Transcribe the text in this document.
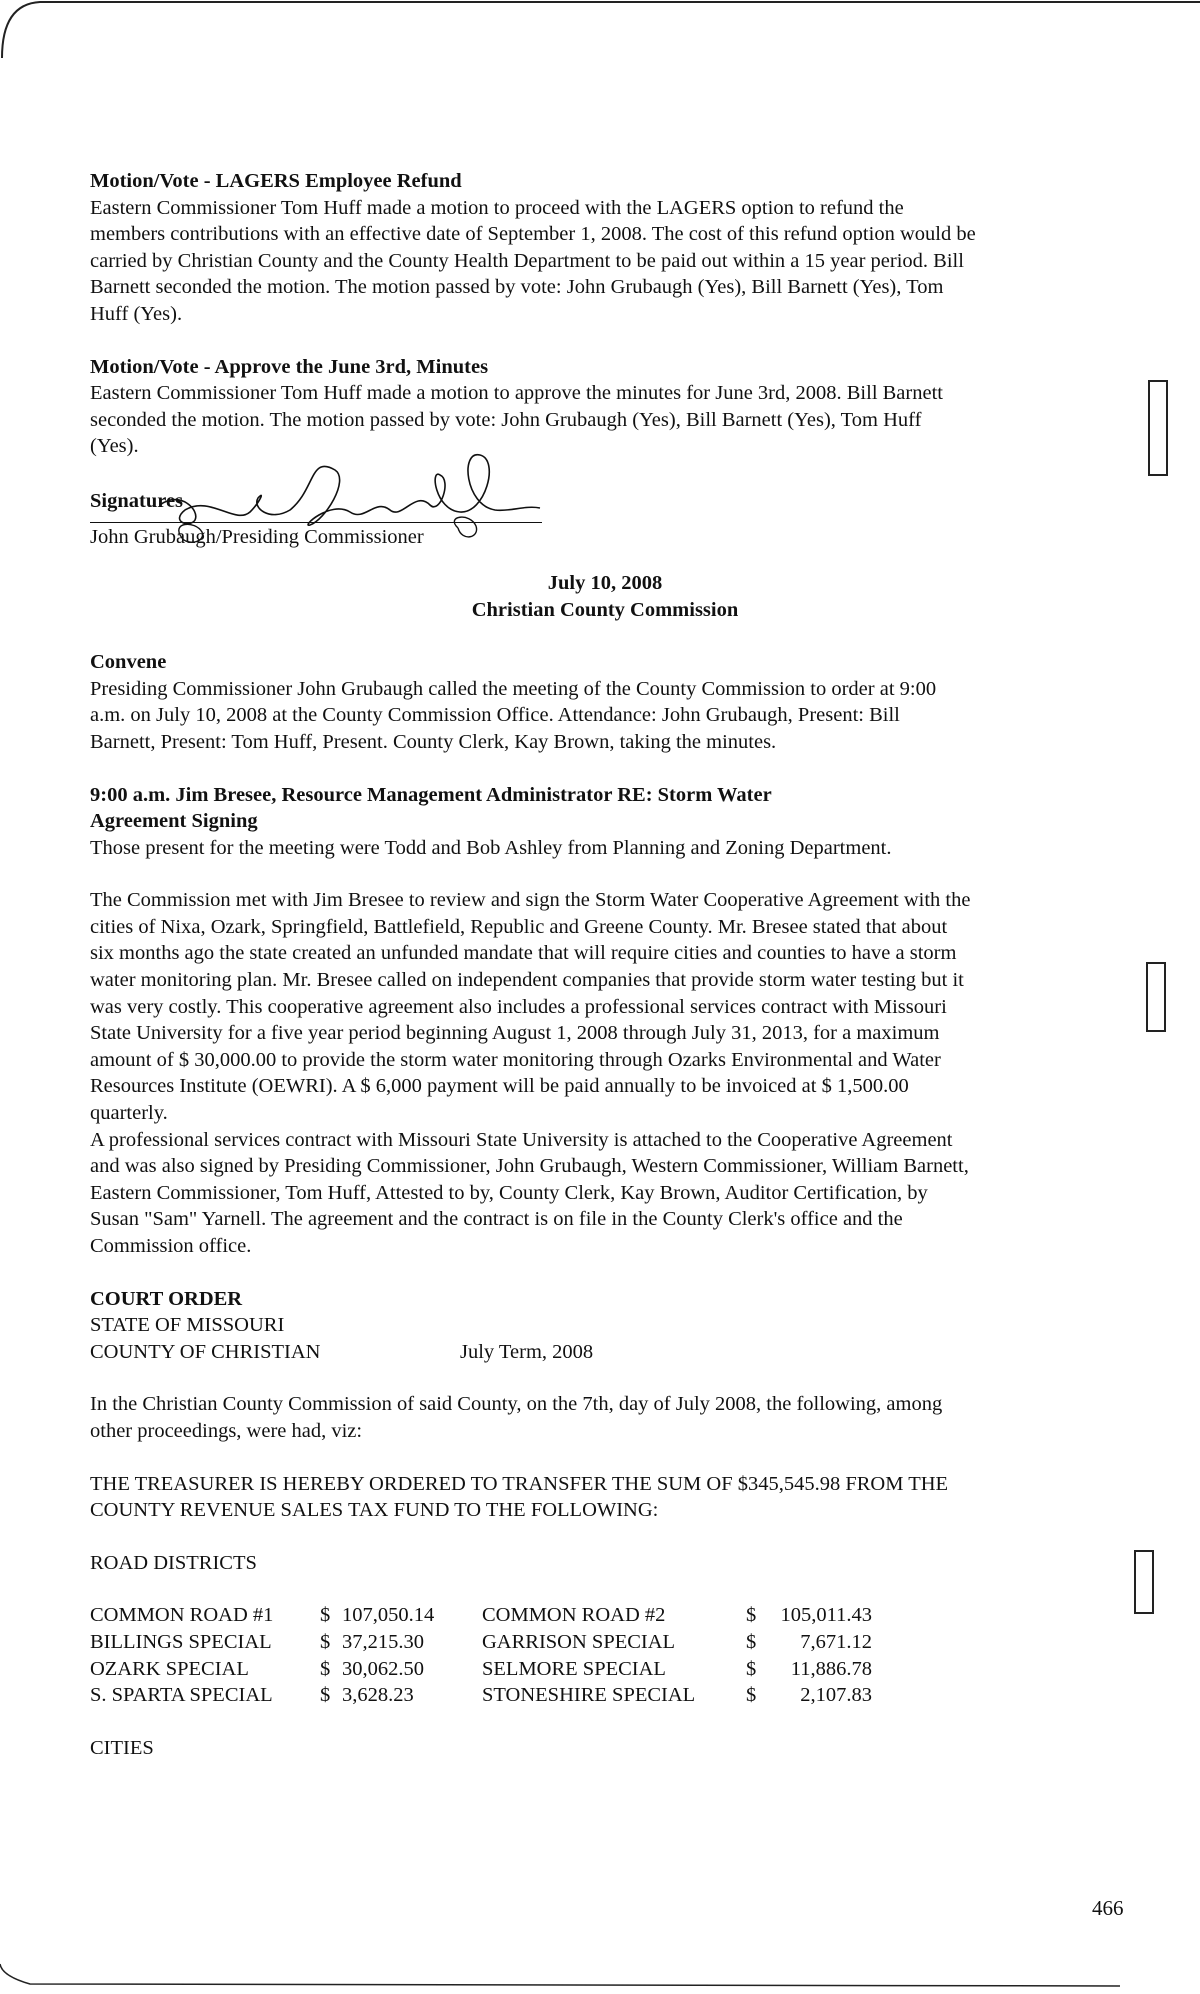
Motion/Vote - LAGERS Employee Refund

Eastern Commissioner Tom Huff made a motion to proceed with the LAGERS option to refund the

members contributions with an effective date of September 1, 2008. The cost of this refund option would be

carried by Christian County and the County Health Department to be paid out within a 15 year period. Bill

Barnett seconded the motion. The motion passed by vote: John Grubaugh (Yes), Bill Barnett (Yes), Tom

Huff (Yes).

Motion/Vote - Approve the June 3rd, Minutes

Eastern Commissioner Tom Huff made a motion to approve the minutes for June 3rd, 2008. Bill Barnett

seconded the motion. The motion passed by vote: John Grubaugh (Yes), Bill Barnett (Yes), Tom Huff

(Yes).

Signatures
John Grubaugh/Presiding Commissioner

July 10, 2008

Christian County Commission

Convene

Presiding Commissioner John Grubaugh called the meeting of the County Commission to order at 9:00

a.m. on July 10, 2008 at the County Commission Office. Attendance: John Grubaugh, Present: Bill

Barnett, Present: Tom Huff, Present. County Clerk, Kay Brown, taking the minutes.

9:00 a.m. Jim Bresee, Resource Management Administrator RE: Storm Water

Agreement Signing

Those present for the meeting were Todd and Bob Ashley from Planning and Zoning Department.

The Commission met with Jim Bresee to review and sign the Storm Water Cooperative Agreement with the

cities of Nixa, Ozark, Springfield, Battlefield, Republic and Greene County. Mr. Bresee stated that about

six months ago the state created an unfunded mandate that will require cities and counties to have a storm

water monitoring plan. Mr. Bresee called on independent companies that provide storm water testing but it

was very costly. This cooperative agreement also includes a professional services contract with Missouri

State University for a five year period beginning August 1, 2008 through July 31, 2013, for a maximum

amount of $ 30,000.00 to provide the storm water monitoring through Ozarks Environmental and Water

Resources Institute (OEWRI). A $ 6,000 payment will be paid annually to be invoiced at $ 1,500.00

quarterly.

A professional services contract with Missouri State University is attached to the Cooperative Agreement

and was also signed by Presiding Commissioner, John Grubaugh, Western Commissioner, William Barnett,

Eastern Commissioner, Tom Huff, Attested to by, County Clerk, Kay Brown, Auditor Certification, by

Susan "Sam" Yarnell. The agreement and the contract is on file in the County Clerk's office and the

Commission office.

COURT ORDER

STATE OF MISSOURI

COUNTY OF CHRISTIAN	July Term, 2008

In the Christian County Commission of said County, on the 7th, day of July 2008, the following, among

other proceedings, were had, viz:

THE TREASURER IS HEREBY ORDERED TO TRANSFER THE SUM OF $345,545.98 FROM THE

COUNTY REVENUE SALES TAX FUND TO THE FOLLOWING:

ROAD DISTRICTS

COMMON ROAD #1	$ 107,050.14	COMMON ROAD #2	$ 105,011.43

BILLINGS SPECIAL	$ 37,215.30	GARRISON SPECIAL	$ 7,671.12

OZARK SPECIAL	$ 30,062.50	SELMORE SPECIAL	$ 11,886.78

S. SPARTA SPECIAL	$ 3,628.23	STONESHIRE SPECIAL	$ 2,107.83

CITIES

466
